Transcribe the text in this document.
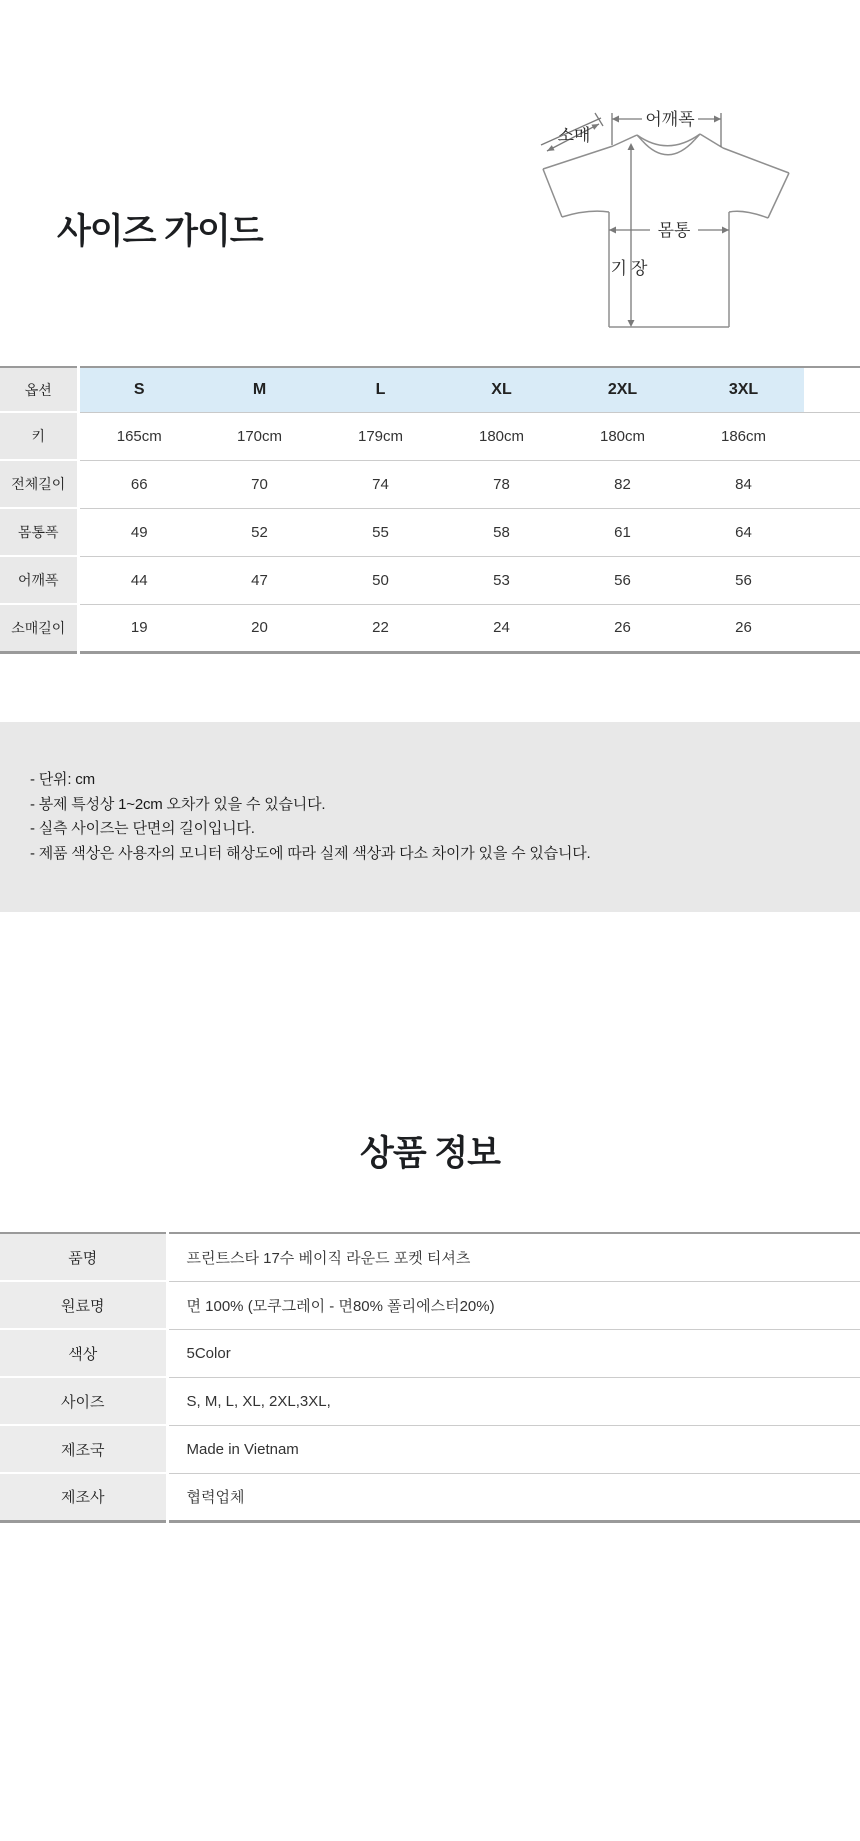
사이즈 가이드
어깨폭
소매
몸통
기장
옵션	S	M	L	XL	2XL	3XL	
키	165cm	170cm	179cm	180cm	180cm	186cm	
전체길이	66	70	74	78	82	84	
몸통폭	49	52	55	58	61	64	
어깨폭	44	47	50	53	56	56	
소매길이	19	20	22	24	26	26	
- 단위: cm
- 봉제 특성상 1~2cm 오차가 있을 수 있습니다.
- 실측 사이즈는 단면의 길이입니다.
- 제품 색상은 사용자의 모니터 해상도에 따라 실제 색상과 다소 차이가 있을 수 있습니다.
상품 정보
품명	프린트스타 17수 베이직 라운드 포켓 티셔츠
원료명	면 100% (모쿠그레이 - 면80% 폴리에스터20%)
색상	5Color
사이즈	S, M, L, XL, 2XL,3XL,
제조국	Made in Vietnam
제조사	협력업체
